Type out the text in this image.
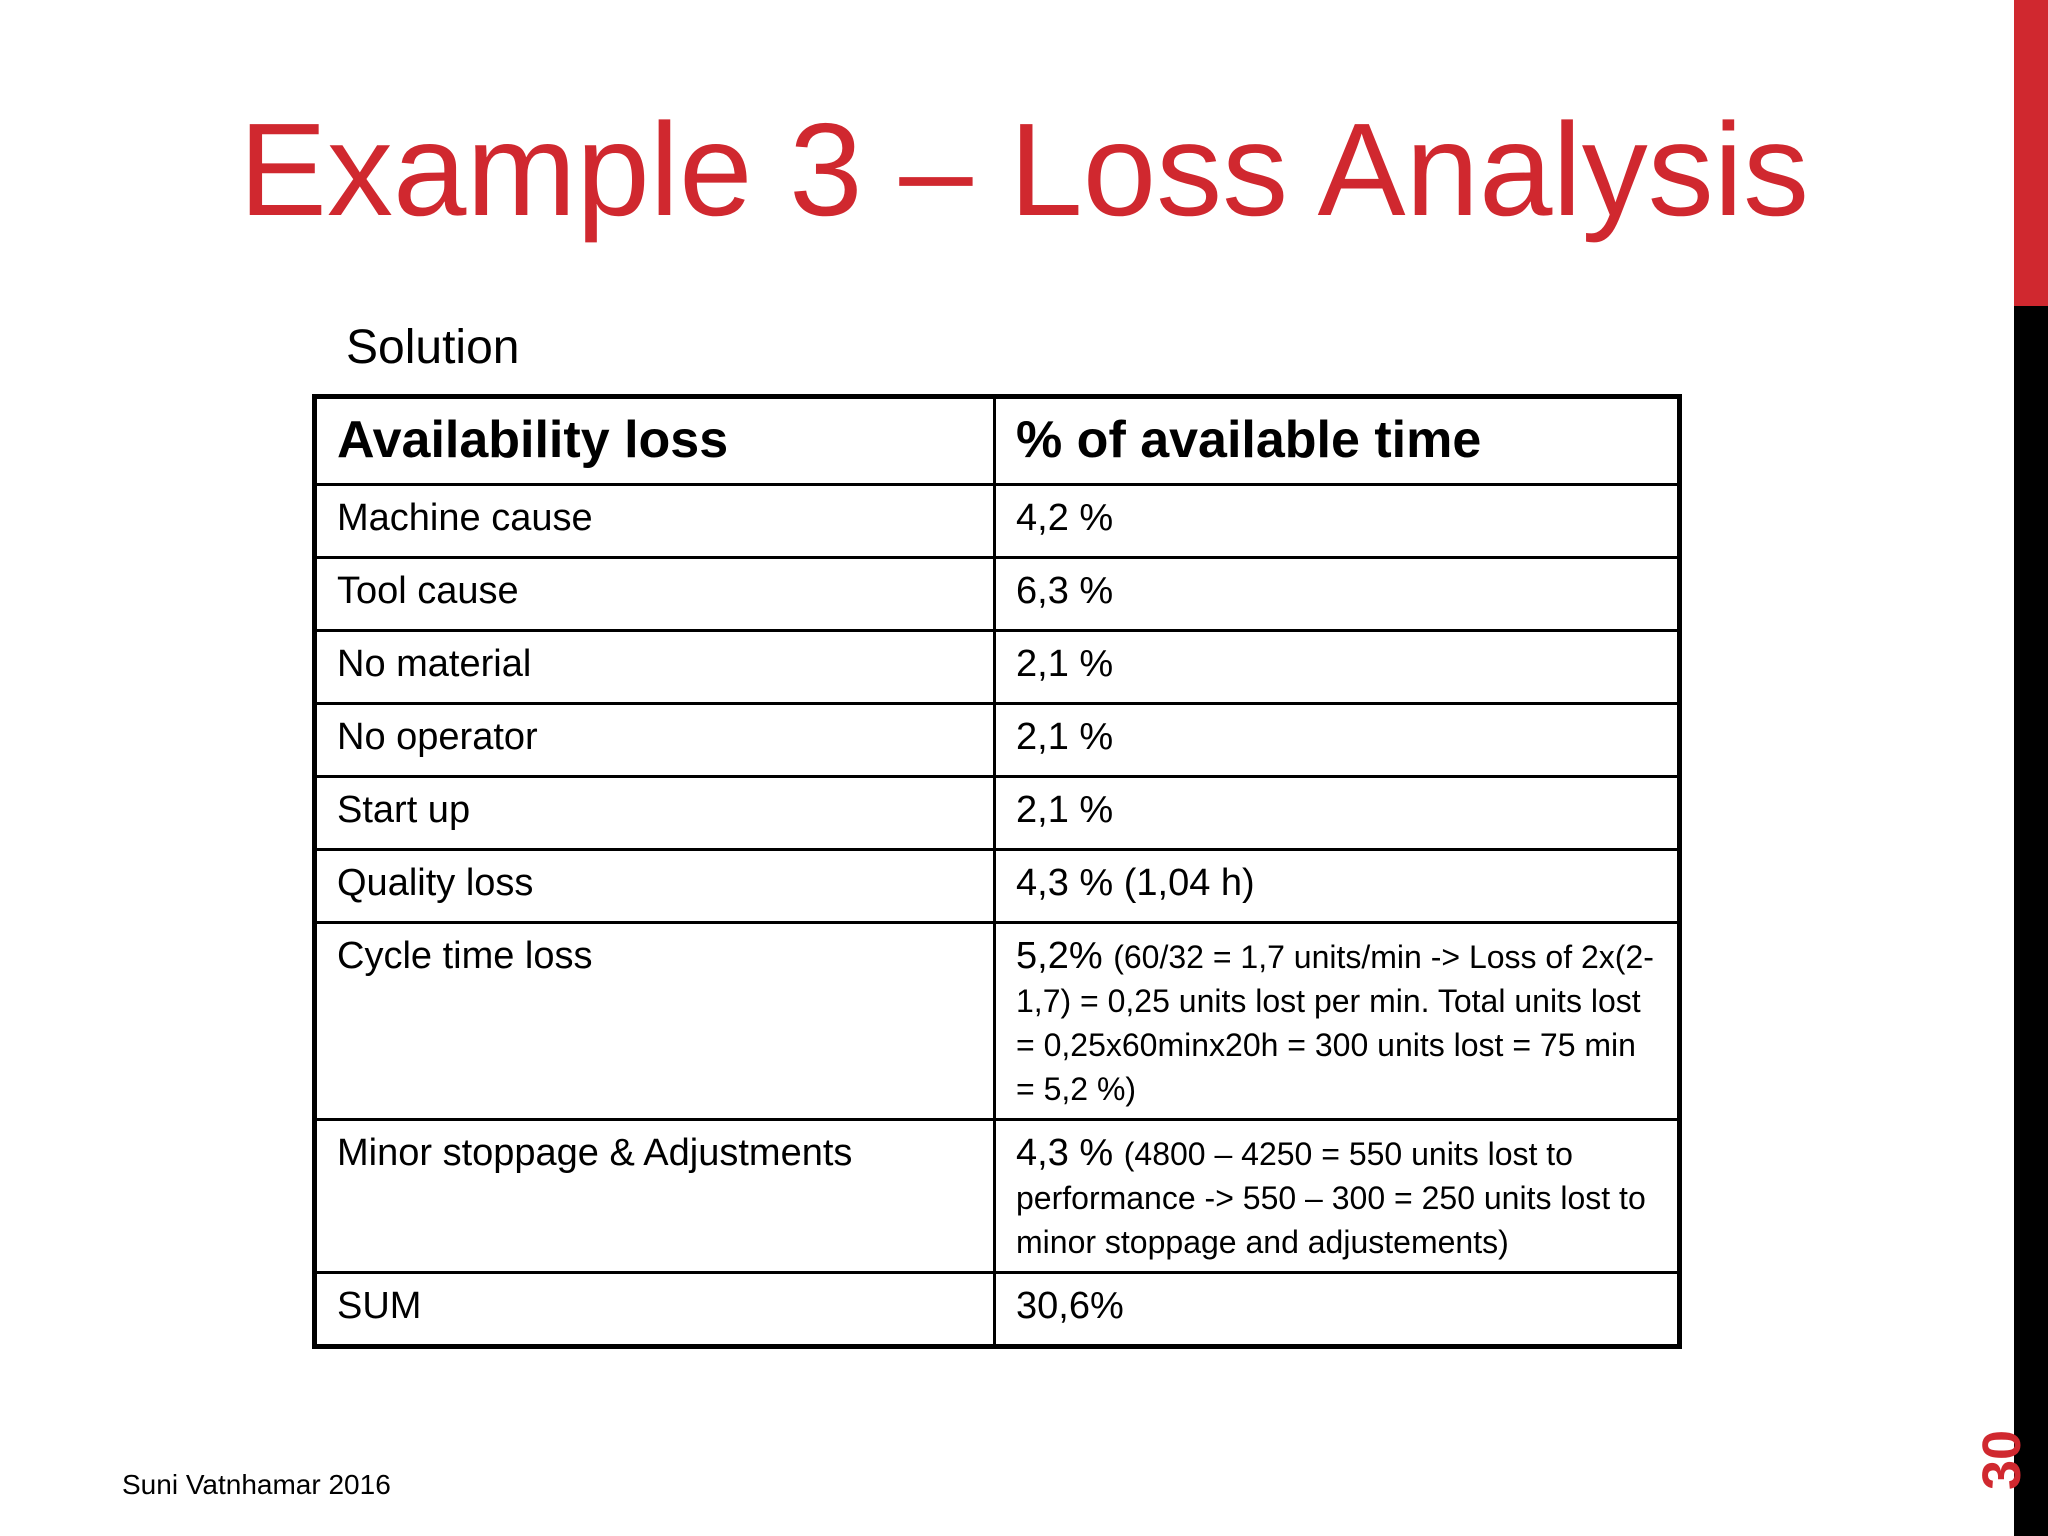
Example 3 – Loss Analysis
Solution
Availability loss	% of available time
Machine cause	4,2 %
Tool cause	6,3 %
No material	2,1 %
No operator	2,1 %
Start up	2,1 %
Quality loss	4,3 % (1,04 h)
Cycle time loss	5,2% (60/32 = 1,7 units/min -> Loss of 2x(2-1,7) = 0,25 units lost per min. Total units lost = 0,25x60minx20h = 300 units lost = 75 min = 5,2 %)
Minor stoppage & Adjustments	4,3 % (4800 – 4250 = 550 units lost to performance -> 550 – 300 = 250 units lost to minor stoppage and adjustements)
SUM	30,6%
Suni Vatnhamar 2016	30
